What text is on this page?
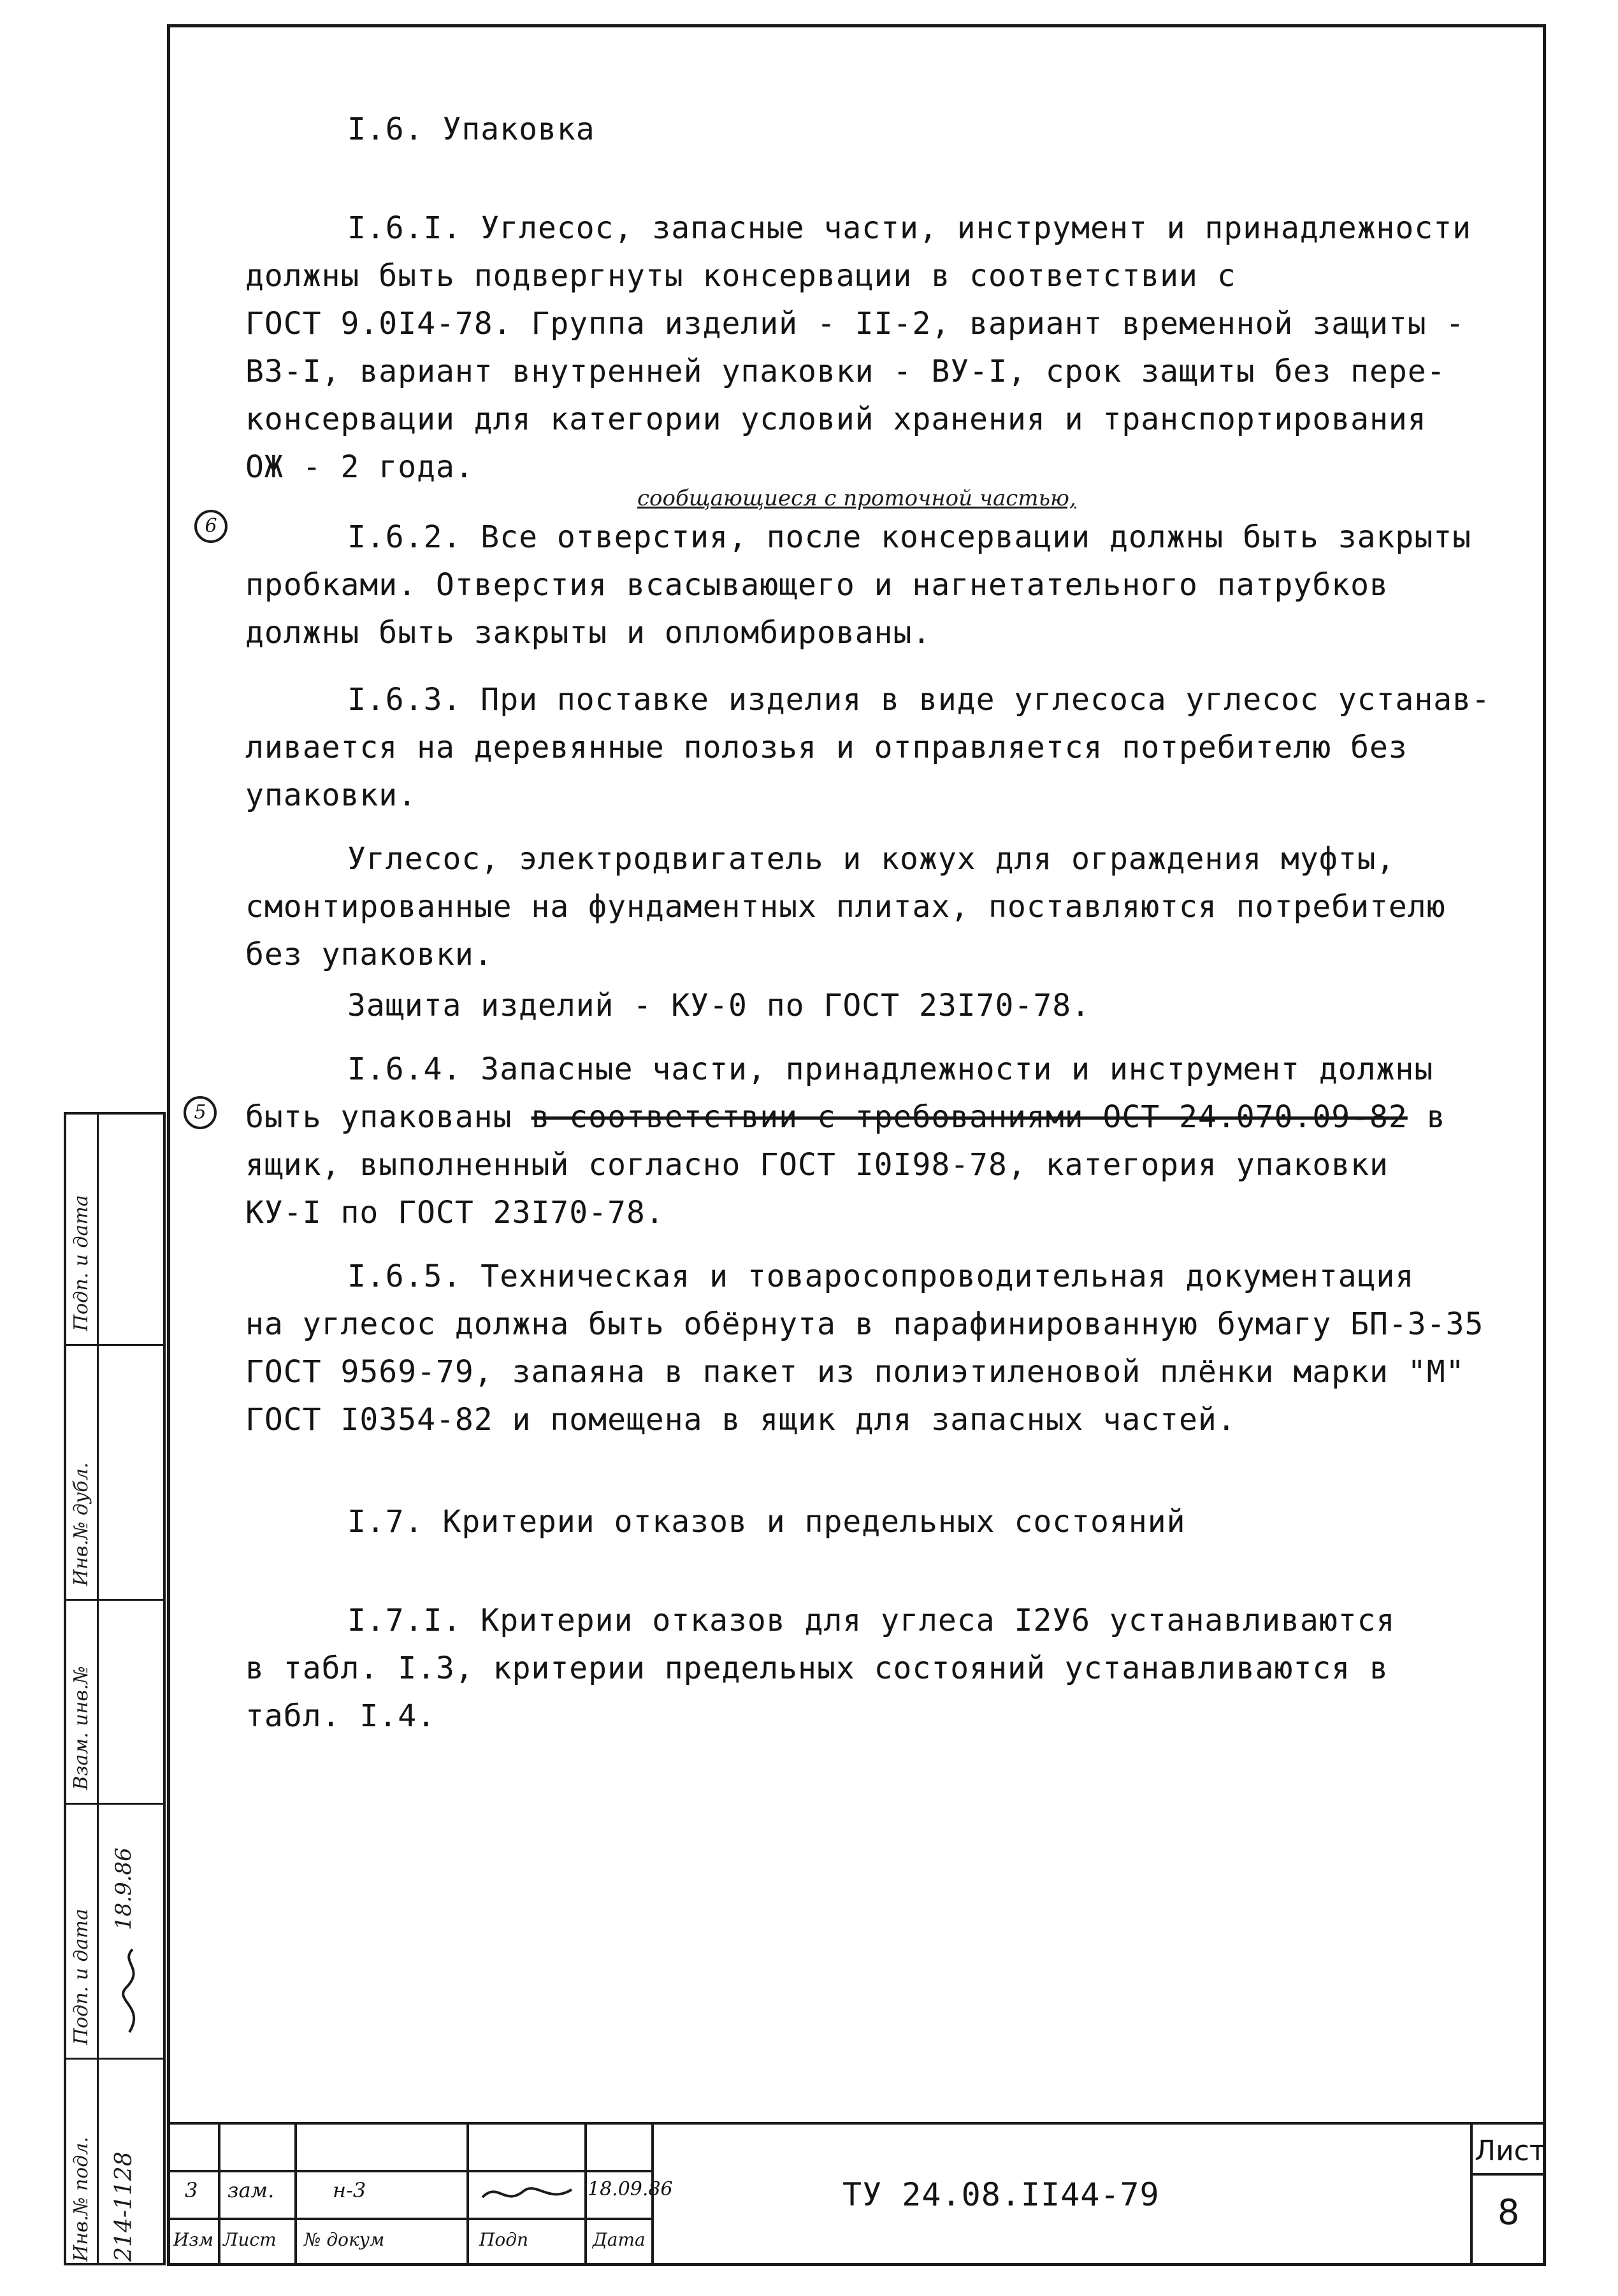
I.6. Упаковка
I.6.I. Углесос, запасные части, инструмент и принадлежности
должны быть подвергнуты консервации в соответствии с
ГОСТ 9.0I4-78. Группа изделий - II-2, вариант временной защиты -
ВЗ-I, вариант внутренней упаковки - ВУ-I, срок защиты без пере-
консервации для категории условий хранения и транспортирования
ОЖ - 2 года.
сообщающиеся с проточной частью,
6	I.6.2. Все отверстия, после консервации должны быть закрыты
пробками. Отверстия всасывающего и нагнетательного патрубков
должны быть закрыты и опломбированы.
I.6.3. При поставке изделия в виде углесоса углесос устанав-
ливается на деревянные полозья и отправляется потребителю без
упаковки.
Углесос, электродвигатель и кожух для ограждения муфты,
смонтированные на фундаментных плитах, поставляются потребителю
без упаковки.
Защита изделий - КУ-0 по ГОСТ 23I70-78.
I.6.4. Запасные части, принадлежности и инструмент должны
5	быть упакованы в соответствии с требованиями ОСТ 24.070.09-82 в
ящик, выполненный согласно ГОСТ I0I98-78, категория упаковки
КУ-I по ГОСТ 23I70-78.
I.6.5. Техническая и товаросопроводительная документация
на углесос должна быть обёрнута в парафинированную бумагу БП-3-35
ГОСТ 9569-79, запаяна в пакет из полиэтиленовой плёнки марки "М"
ГОСТ I0354-82 и помещена в ящик для запасных частей.
I.7. Критерии отказов и предельных состояний
I.7.I. Критерии отказов для углеса I2У6 устанавливаются
в табл. I.3, критерии предельных состояний устанавливаются в
табл. I.4.
Инв.№ подл.
Подп. и дата
Взам. инв.№
Инв.№ дубл.
Подп. и дата
214-1128
18.9.86
3 зам.	н-3	18.09.86
Изм Лист № докум	Подп	Дата
ТУ 24.08.II44-79
Лист
8
